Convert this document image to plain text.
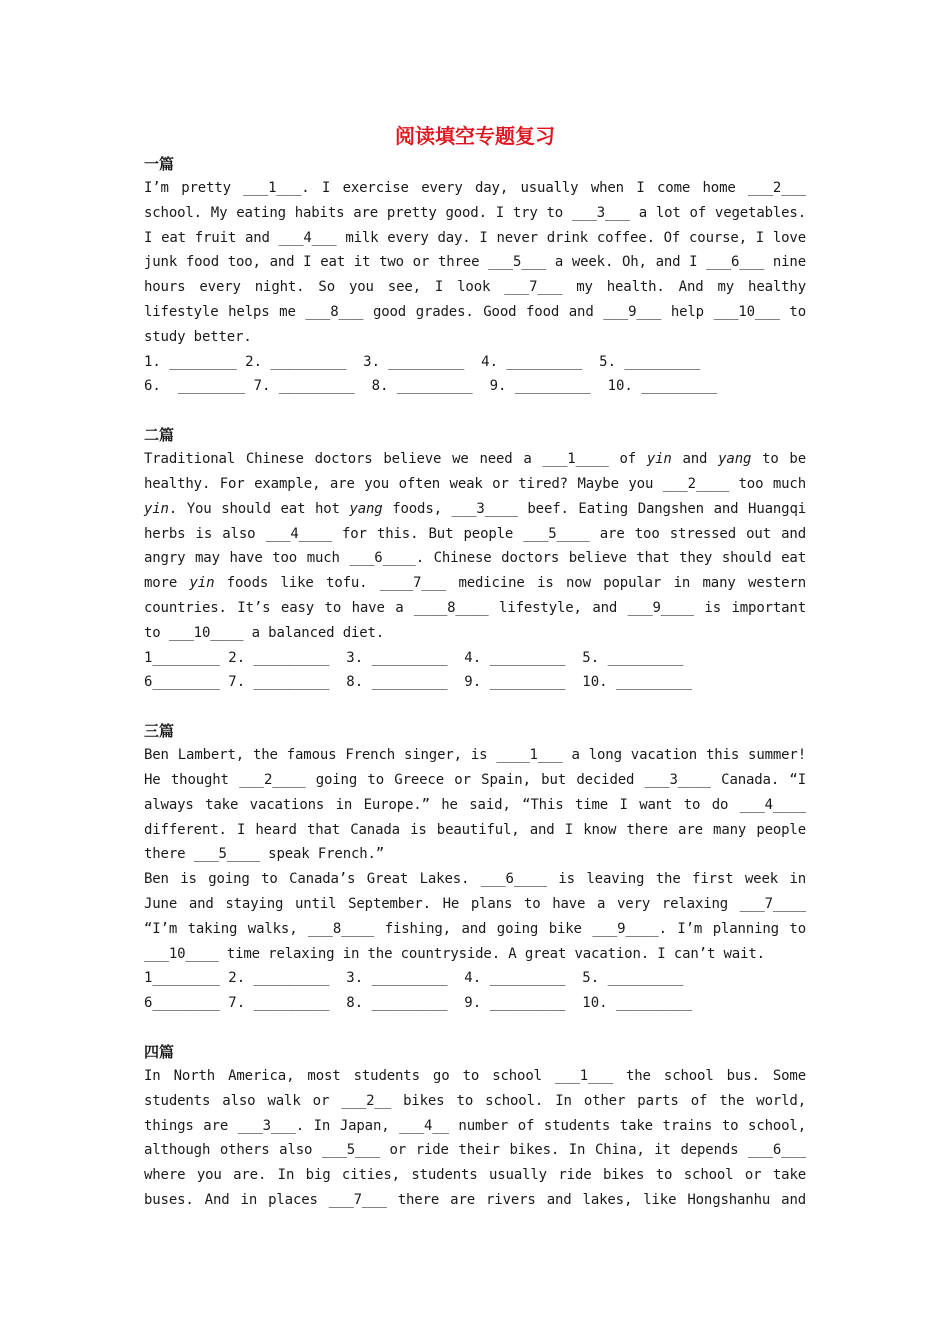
阅读填空专题复习
一篇

I’m pretty ___1___. I exercise every day, usually when I come home ___2___ school. My eating habits are pretty good. I try to ___3___ a lot of vegetables. I eat fruit and ___4___ milk every day. I never drink coffee. Of course, I love junk food too, and I eat it two or three ___5___ a week. Oh, and I ___6___ nine hours every night. So you see, I look ___7___ my health. And my healthy lifestyle helps me ___8___ good grades. Good food and ___9___ help ___10___ to study better.

1. ________ 2. _________  3. _________  4. _________  5. _________

6.  ________ 7. _________  8. _________  9. _________  10. _________

二篇

Traditional Chinese doctors believe we need a ___1____ of yin and yang to be healthy. For example, are you often weak or tired? Maybe you ___2____ too much yin. You should eat hot yang foods, ___3____ beef. Eating Dangshen and Huangqi herbs is also ___4____ for this. But people ___5____ are too stressed out and angry may have too much ___6____. Chinese doctors believe that they should eat more yin foods like tofu. ____7___ medicine is now popular in many western countries. It’s easy to have a ____8____ lifestyle, and ___9____ is important to ___10____ a balanced diet.

1________ 2. _________  3. _________  4. _________  5. _________

6________ 7. _________  8. _________  9. _________  10. _________

三篇

Ben Lambert, the famous French singer, is ____1___ a long vacation this summer! He thought ___2____ going to Greece or Spain, but decided ___3____ Canada. “I always take vacations in Europe.” he said, “This time I want to do ___4____ different. I heard that Canada is beautiful, and I know there are many people there ___5____ speak French.”

Ben is going to Canada’s Great Lakes. ___6____ is leaving the first week in June and staying until September. He plans to have a very relaxing ___7____ “I’m taking walks, ___8____ fishing, and going bike ___9____. I’m planning to ___10____ time relaxing in the countryside. A great vacation. I can’t wait.

1________ 2. _________  3. _________  4. _________  5. _________

6________ 7. _________  8. _________  9. _________  10. _________

四篇

In North America, most students go to school ___1___ the school bus. Some students also walk or ___2__ bikes to school. In other parts of the world, things are ___3___. In Japan, ___4__ number of students take trains to school, although others also ___5___ or ride their bikes. In China, it depends ___6___ where you are. In big cities, students usually ride bikes to school or take buses. And in places ___7___ there are rivers and lakes, like Hongshanhu and
